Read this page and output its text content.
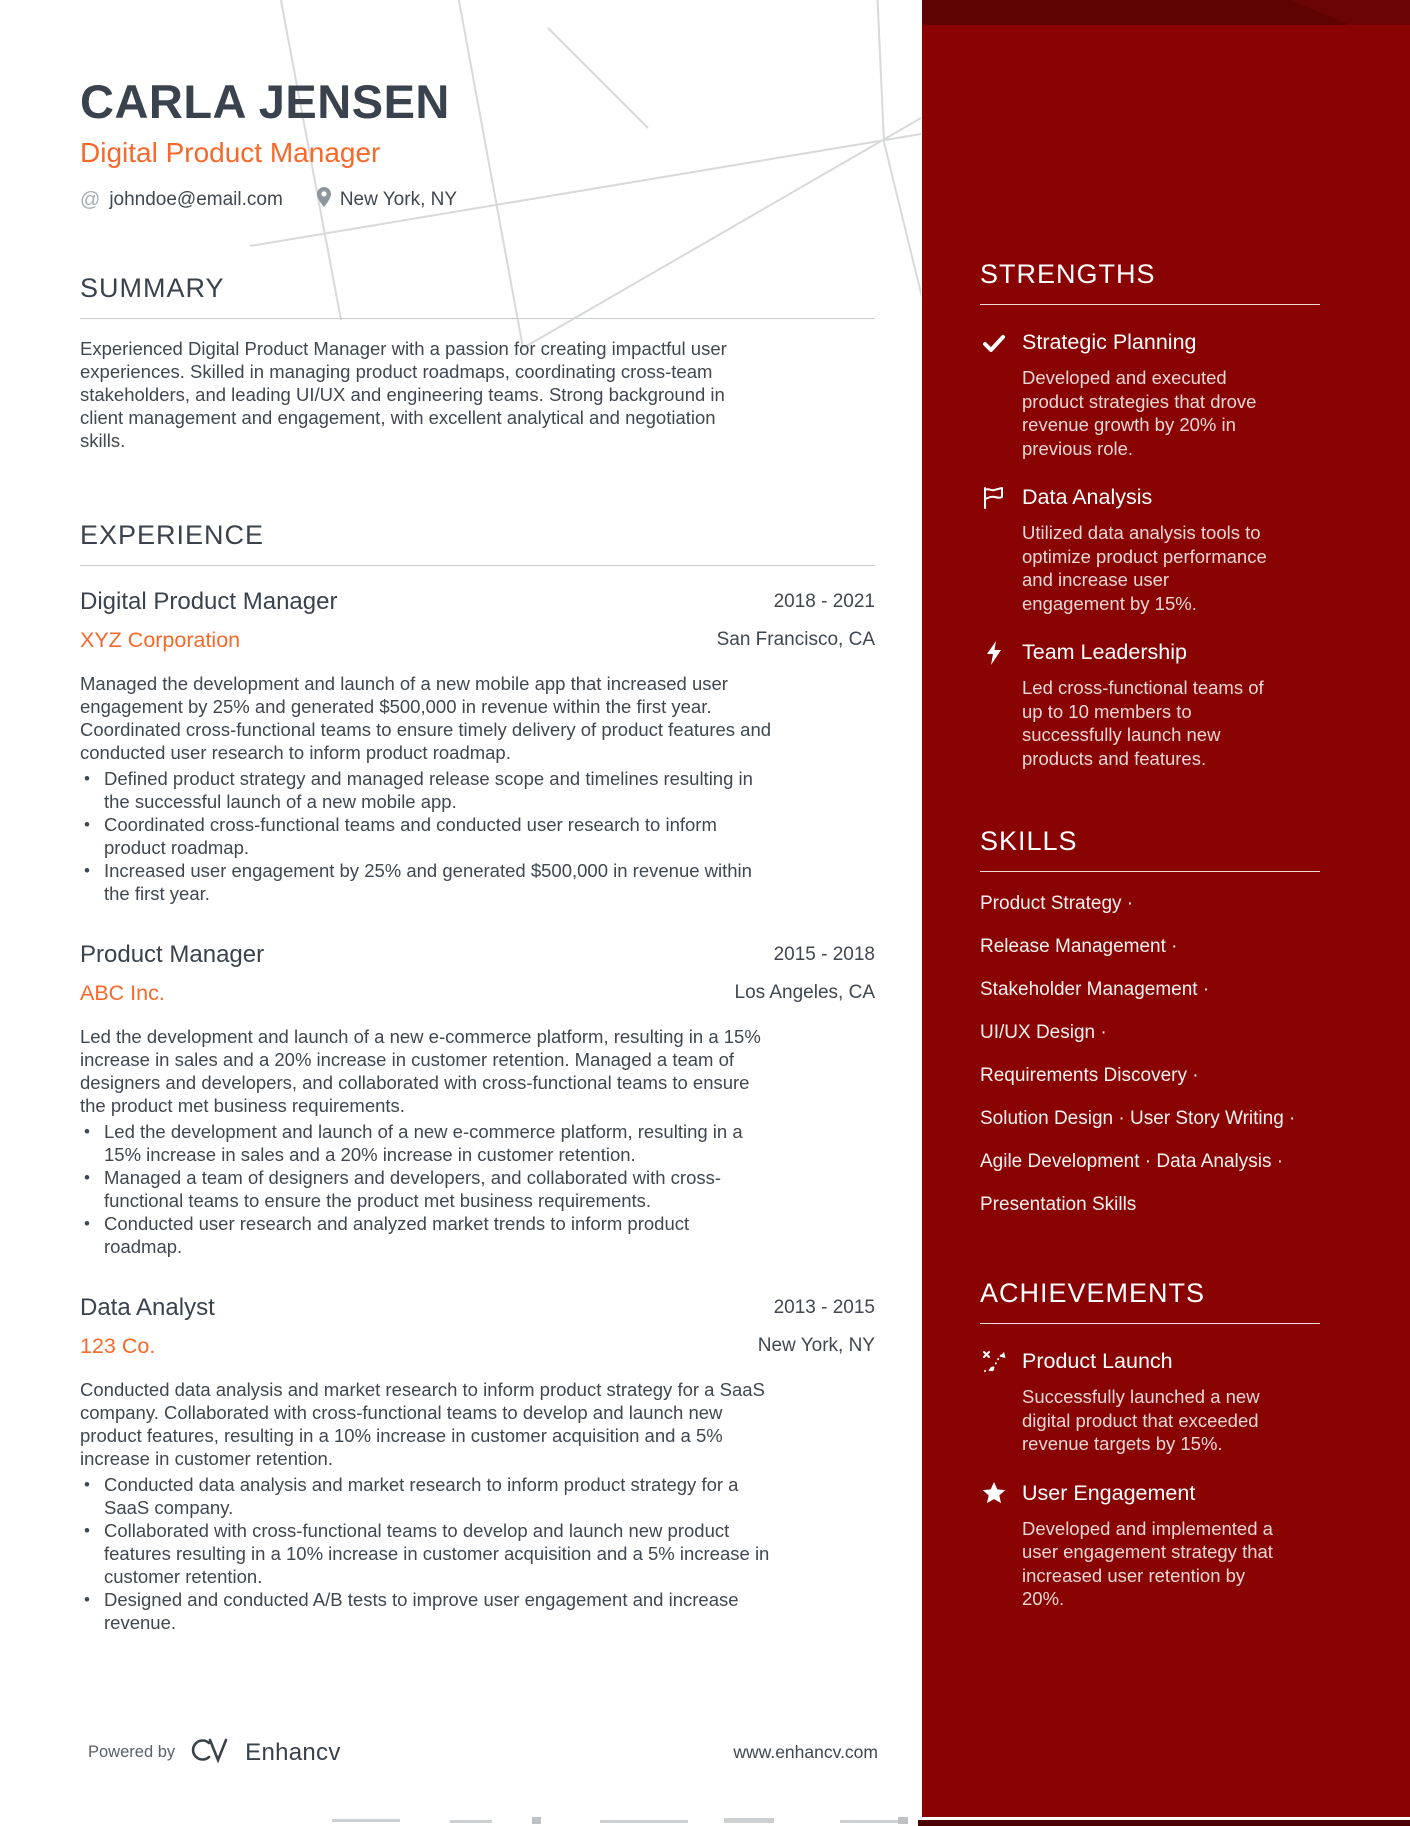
STRENGTHS
Strategic Planning

Developed and executed product strategies that drove revenue growth by 20% in previous role.

Data Analysis

Utilized data analysis tools to optimize product performance and increase user engagement by 15%.

Team Leadership

Led cross-functional teams of up to 10 members to successfully launch new products and features.

SKILLS
Product Strategy ·
Release Management ·
Stakeholder Management ·
UI/UX Design ·
Requirements Discovery ·
Solution Design · User Story Writing ·
Agile Development · Data Analysis ·
Presentation Skills
ACHIEVEMENTS
Product Launch

Successfully launched a new digital product that exceeded revenue targets by 15%.

User Engagement

Developed and implemented a user engagement strategy that increased user retention by 20%.

CARLA JENSEN
Digital Product Manager
@ johndoe@email.com	New York, NY
SUMMARY

Experienced Digital Product Manager with a passion for creating impactful user experiences. Skilled in managing product roadmaps, coordinating cross-team stakeholders, and leading UI/UX and engineering teams. Strong background in client management and engagement, with excellent analytical and negotiation skills.

EXPERIENCE
Digital Product Manager	2018 - 2021
XYZ Corporation	San Francisco, CA

Managed the development and launch of a new mobile app that increased user engagement by 25% and generated $500,000 in revenue within the first year. Coordinated cross-functional teams to ensure timely delivery of product features and conducted user research to inform product roadmap.

• Defined product strategy and managed release scope and timelines resulting in the successful launch of a new mobile app.
• Coordinated cross-functional teams and conducted user research to inform product roadmap.
• Increased user engagement by 25% and generated $500,000 in revenue within the first year.
Product Manager	2015 - 2018
ABC Inc.	Los Angeles, CA

Led the development and launch of a new e-commerce platform, resulting in a 15% increase in sales and a 20% increase in customer retention. Managed a team of designers and developers, and collaborated with cross-functional teams to ensure the product met business requirements.

• Led the development and launch of a new e-commerce platform, resulting in a 15% increase in sales and a 20% increase in customer retention.
• Managed a team of designers and developers, and collaborated with cross-functional teams to ensure the product met business requirements.
• Conducted user research and analyzed market trends to inform product roadmap.
Data Analyst	2013 - 2015
123 Co.	New York, NY

Conducted data analysis and market research to inform product strategy for a SaaS company. Collaborated with cross-functional teams to develop and launch new product features, resulting in a 10% increase in customer acquisition and a 5% increase in customer retention.

• Conducted data analysis and market research to inform product strategy for a SaaS company.
• Collaborated with cross-functional teams to develop and launch new product features resulting in a 10% increase in customer acquisition and a 5% increase in customer retention.
• Designed and conducted A/B tests to improve user engagement and increase revenue.
Powered by	Enhancv	www.enhancv.com
